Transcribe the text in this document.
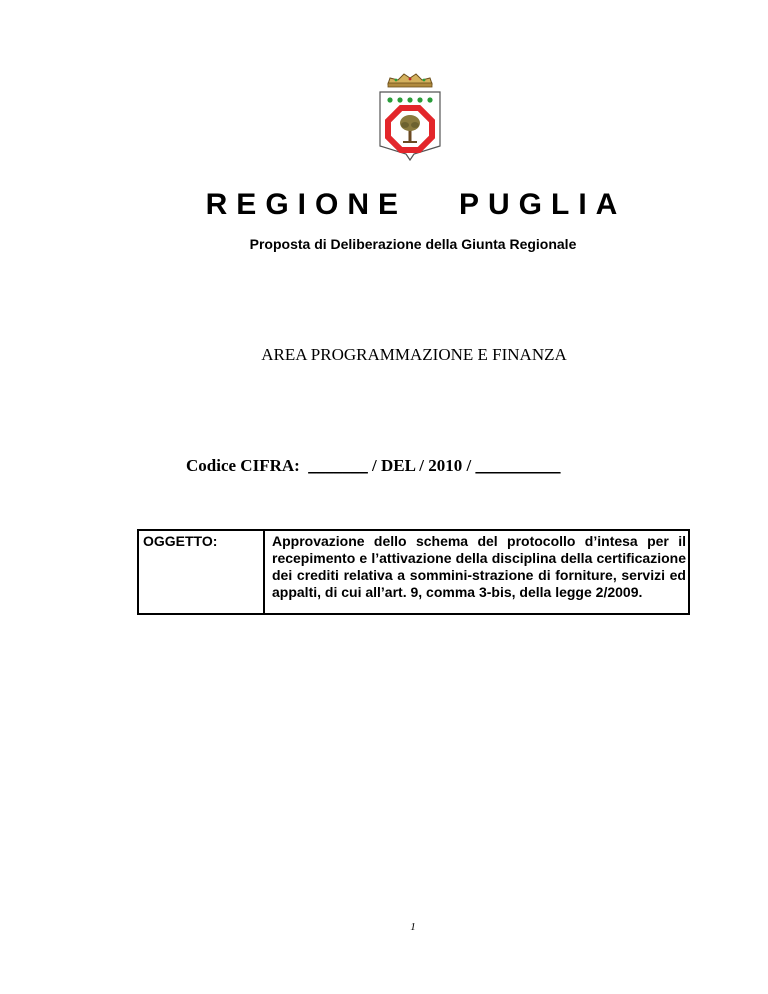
REGIONE   PUGLIA
Proposta di Deliberazione della Giunta Regionale
AREA PROGRAMMAZIONE E FINANZA
Codice CIFRA: _______ / DEL / 2010 / __________
OGGETTO:	Approvazione dello schema del protocollo d’intesa per il recepimento e l’attivazione della disciplina della certificazione dei crediti relativa a sommini-strazione di forniture, servizi ed appalti, di cui all’art. 9, comma 3-bis, della legge 2/2009.
1
